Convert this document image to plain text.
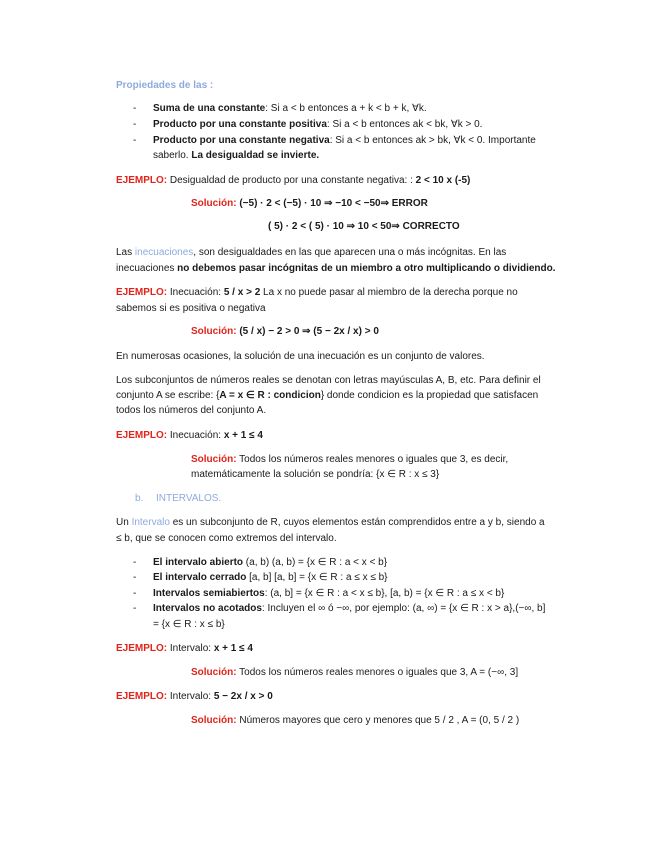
Propiedades de las :
- Suma de una constante: Si a < b entonces a + k < b + k, ∀k.
- Producto por una constante positiva: Si a < b entonces ak < bk, ∀k > 0.
- Producto por una constante negativa: Si a < b entonces ak > bk, ∀k < 0. Importante
saberlo. La desigualdad se invierte.
EJEMPLO: Desigualdad de producto por una constante negativa: : 2 < 10 x (-5)
Solución: (−5) · 2 < (−5) · 10 ⇒ −10 < −50⇒ ERROR
( 5) · 2 < ( 5) · 10 ⇒ 10 < 50⇒ CORRECTO
Las inecuaciones, son desigualdades en las que aparecen una o más incógnitas. En las
inecuaciones no debemos pasar incógnitas de un miembro a otro multiplicando o dividiendo.
EJEMPLO: Inecuación: 5 / x > 2 La x no puede pasar al miembro de la derecha porque no
sabemos si es positiva o negativa
Solución: (5 / x) − 2 > 0 ⇒ (5 − 2x / x) > 0
En numerosas ocasiones, la solución de una inecuación es un conjunto de valores.
Los subconjuntos de números reales se denotan con letras mayúsculas A, B, etc. Para definir el
conjunto A se escribe: {A = x ∈ R : condicion} donde condicion es la propiedad que satisfacen
todos los números del conjunto A.
EJEMPLO: Inecuación: x + 1 ≤ 4
Solución: Todos los números reales menores o iguales que 3, es decir,
matemáticamente la solución se pondría: {x ∈ R : x ≤ 3}
b. INTERVALOS.
Un Intervalo es un subconjunto de R, cuyos elementos están comprendidos entre a y b, siendo a
≤ b, que se conocen como extremos del intervalo.
- El intervalo abierto (a, b) (a, b) = {x ∈ R : a < x < b}
- El intervalo cerrado [a, b] [a, b] = {x ∈ R : a ≤ x ≤ b}
- Intervalos semiabiertos: (a, b] = {x ∈ R : a < x ≤ b}, [a, b) = {x ∈ R : a ≤ x < b}
- Intervalos no acotados: Incluyen el ∞ ó −∞, por ejemplo: (a, ∞) = {x ∈ R : x > a},(−∞, b]
= {x ∈ R : x ≤ b}
EJEMPLO: Intervalo: x + 1 ≤ 4
Solución: Todos los números reales menores o iguales que 3, A = (−∞, 3]
EJEMPLO: Intervalo: 5 − 2x / x > 0
Solución: Números mayores que cero y menores que 5 / 2 , A = (0, 5 / 2 )
